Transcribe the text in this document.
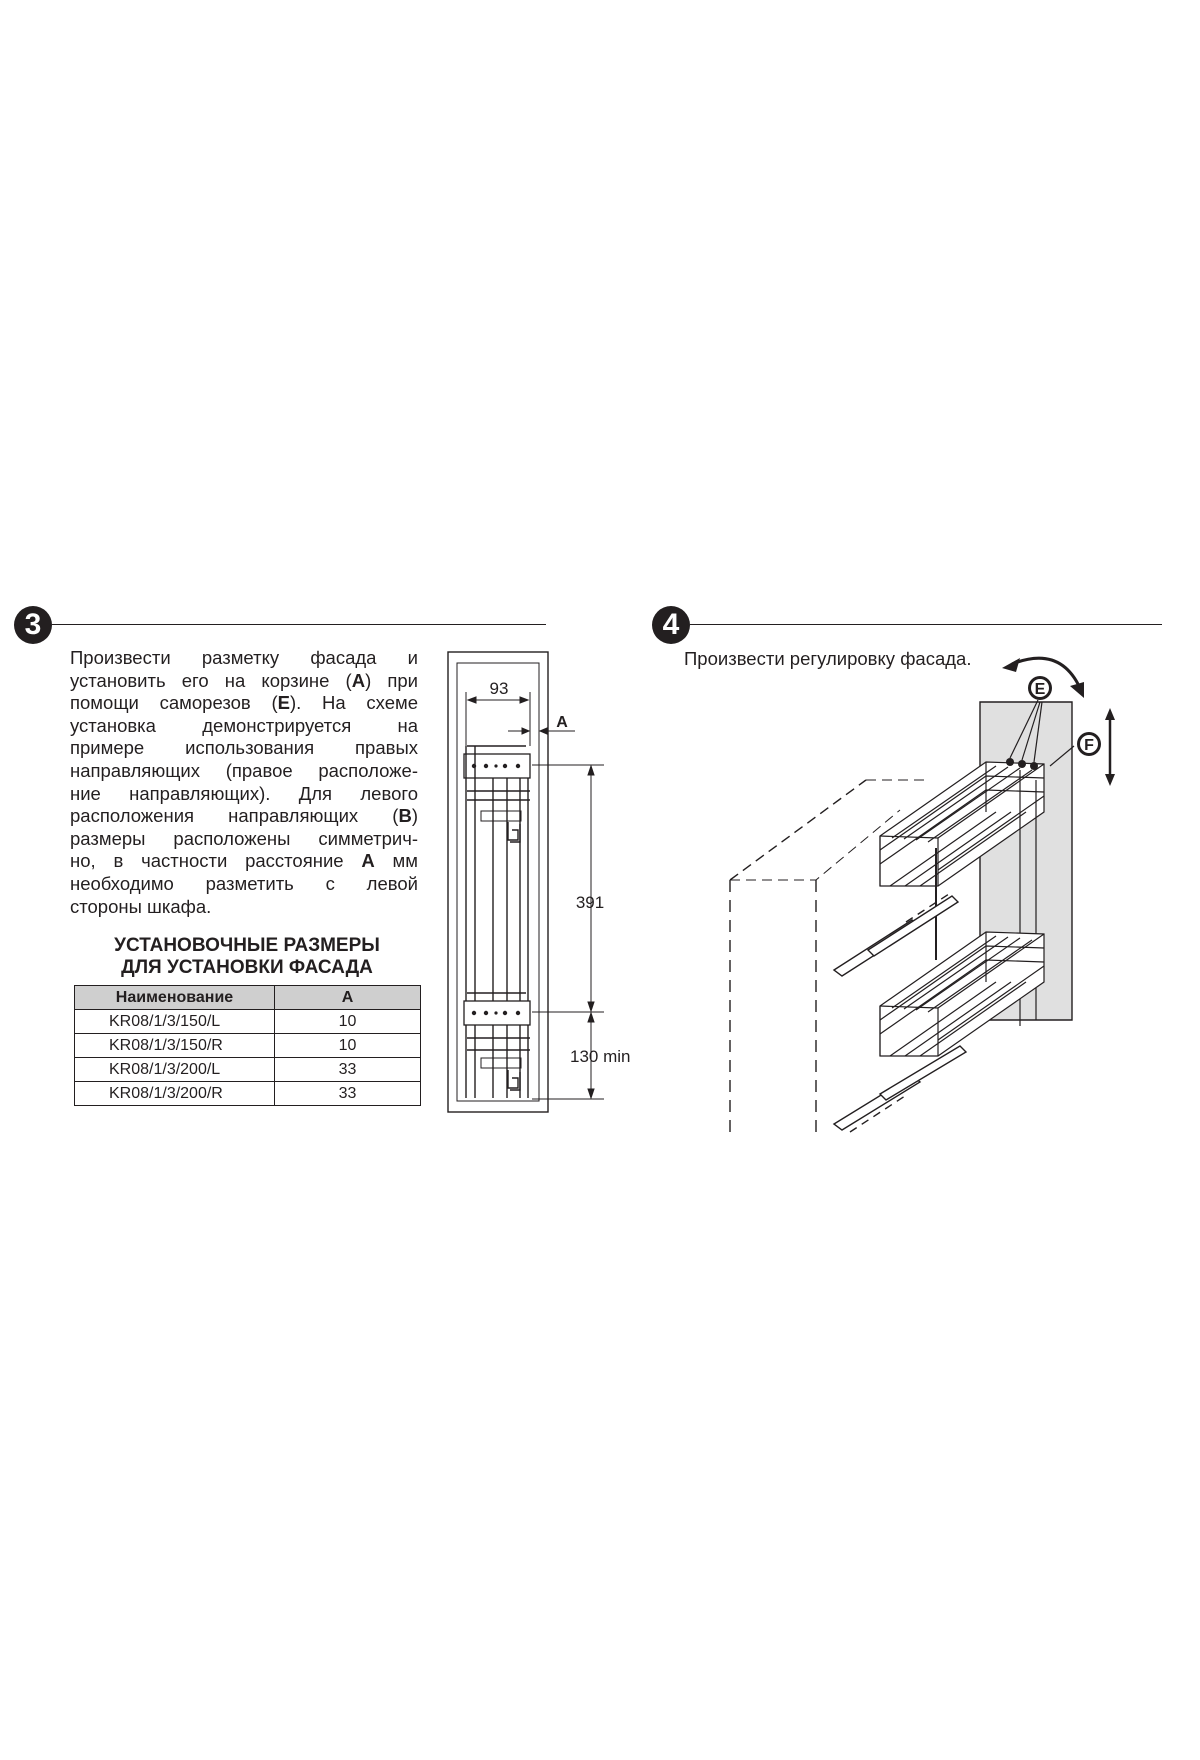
3

Произвести разметку фасада и
установить его на корзине (A) при
помощи саморезов (E). На схеме
установка демонстрируется на
примере использования правых
направляющих (правое расположе-
ние направляющих). Для левого
расположения направляющих (B)
размеры расположены симметрич-
но, в частности расстояние A мм
необходимо разметить с левой
стороны шкафа.

УСТАНОВОЧНЫЕ РАЗМЕРЫ
ДЛЯ УСТАНОВКИ ФАСАДА
Наименование	A
KR08/1/3/150/L	10
KR08/1/3/150/R	10
KR08/1/3/200/L	33
KR08/1/3/200/R	33
93
A
391
130 min
4
Произвести регулировку фасада.
E
F
